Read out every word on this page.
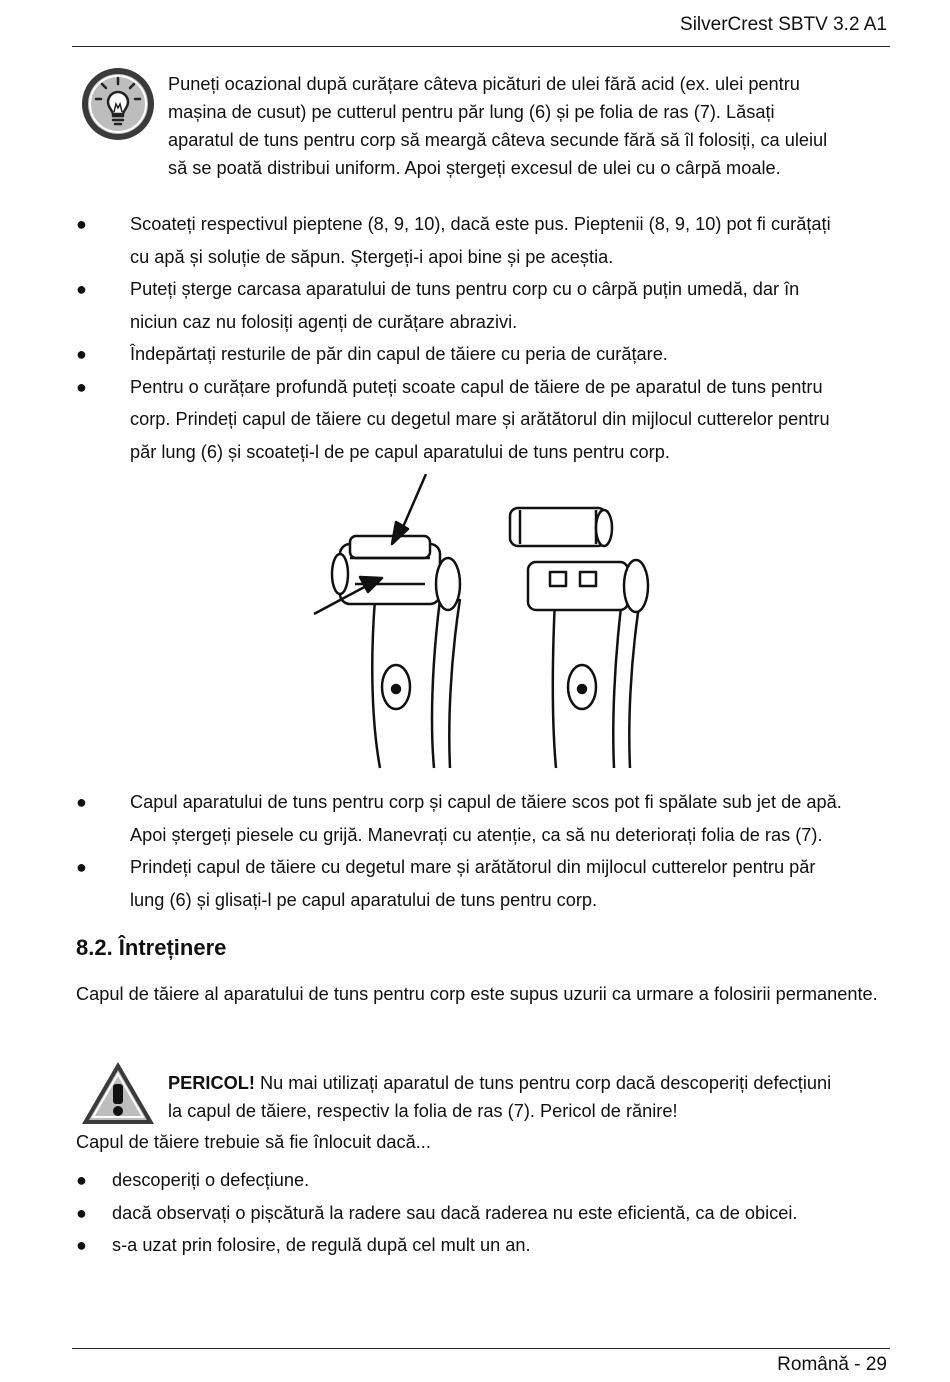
SilverCrest SBTV 3.2 A1
Puneți ocazional după curățare câteva picături de ulei fără acid (ex. ulei pentru
mașina de cusut) pe cutterul pentru păr lung (6) și pe folia de ras (7). Lăsați
aparatul de tuns pentru corp să meargă câteva secunde fără să îl folosiți, ca uleiul
să se poată distribui uniform. Apoi ștergeți excesul de ulei cu o cârpă moale.
● Scoateți respectivul pieptene (8, 9, 10), dacă este pus. Pieptenii (8, 9, 10) pot fi curățați
cu apă și soluție de săpun. Ștergeți-i apoi bine și pe aceștia.
● Puteți șterge carcasa aparatului de tuns pentru corp cu o cârpă puțin umedă, dar în
niciun caz nu folosiți agenți de curățare abrazivi.
● Îndepărtați resturile de păr din capul de tăiere cu peria de curățare.
● Pentru o curățare profundă puteți scoate capul de tăiere de pe aparatul de tuns pentru
corp. Prindeți capul de tăiere cu degetul mare și arătătorul din mijlocul cutterelor pentru
păr lung (6) și scoateți-l de pe capul aparatului de tuns pentru corp.
● Capul aparatului de tuns pentru corp și capul de tăiere scos pot fi spălate sub jet de apă.
Apoi ștergeți piesele cu grijă. Manevrați cu atenție, ca să nu deteriorați folia de ras (7).
● Prindeți capul de tăiere cu degetul mare și arătătorul din mijlocul cutterelor pentru păr
lung (6) și glisați-l pe capul aparatului de tuns pentru corp.
8.2. Întreținere
Capul de tăiere al aparatului de tuns pentru corp este supus uzurii ca urmare a folosirii permanente.
PERICOL! Nu mai utilizați aparatul de tuns pentru corp dacă descoperiți defecțiuni
la capul de tăiere, respectiv la folia de ras (7). Pericol de rănire!
Capul de tăiere trebuie să fie înlocuit dacă...
● descoperiți o defecțiune.
● dacă observați o pișcătură la radere sau dacă raderea nu este eficientă, ca de obicei.
● s-a uzat prin folosire, de regulă după cel mult un an.
Română - 29
